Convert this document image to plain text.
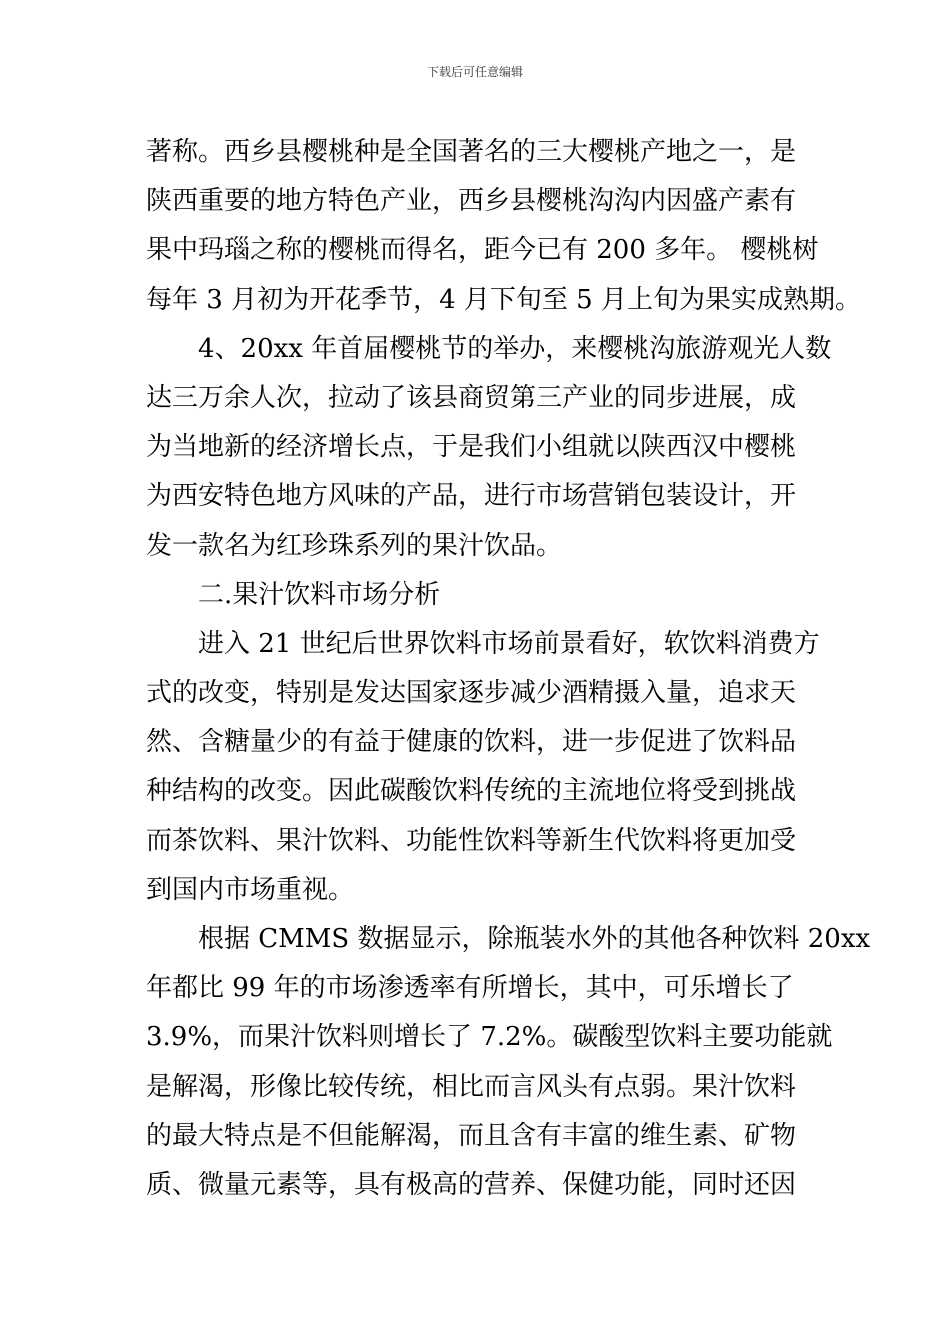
下载后可任意编辑
著称。西乡县樱桃种是全国著名的三大樱桃产地之一，是
陕西重要的地方特色产业，西乡县樱桃沟沟内因盛产素有
果中玛瑙之称的樱桃而得名，距今已有 200 多年。 樱桃树
每年 3 月初为开花季节，4 月下旬至 5 月上旬为果实成熟期。
4、20xx 年首届樱桃节的举办，来樱桃沟旅游观光人数
达三万余人次，拉动了该县商贸第三产业的同步进展，成
为当地新的经济增长点，于是我们小组就以陕西汉中樱桃
为西安特色地方风味的产品，进行市场营销包装设计，开
发一款名为红珍珠系列的果汁饮品。
二.果汁饮料市场分析
进入 21 世纪后世界饮料市场前景看好，软饮料消费方
式的改变，特别是发达国家逐步减少酒精摄入量，追求天
然、含糖量少的有益于健康的饮料，进一步促进了饮料品
种结构的改变。因此碳酸饮料传统的主流地位将受到挑战
而茶饮料、果汁饮料、功能性饮料等新生代饮料将更加受
到国内市场重视。
根据 CMMS 数据显示，除瓶装水外的其他各种饮料 20xx
年都比 99 年的市场渗透率有所增长，其中，可乐增长了
3.9%，而果汁饮料则增长了 7.2%。碳酸型饮料主要功能就
是解渴，形像比较传统，相比而言风头有点弱。果汁饮料
的最大特点是不但能解渴，而且含有丰富的维生素、矿物
质、微量元素等，具有极高的营养、保健功能，同时还因
